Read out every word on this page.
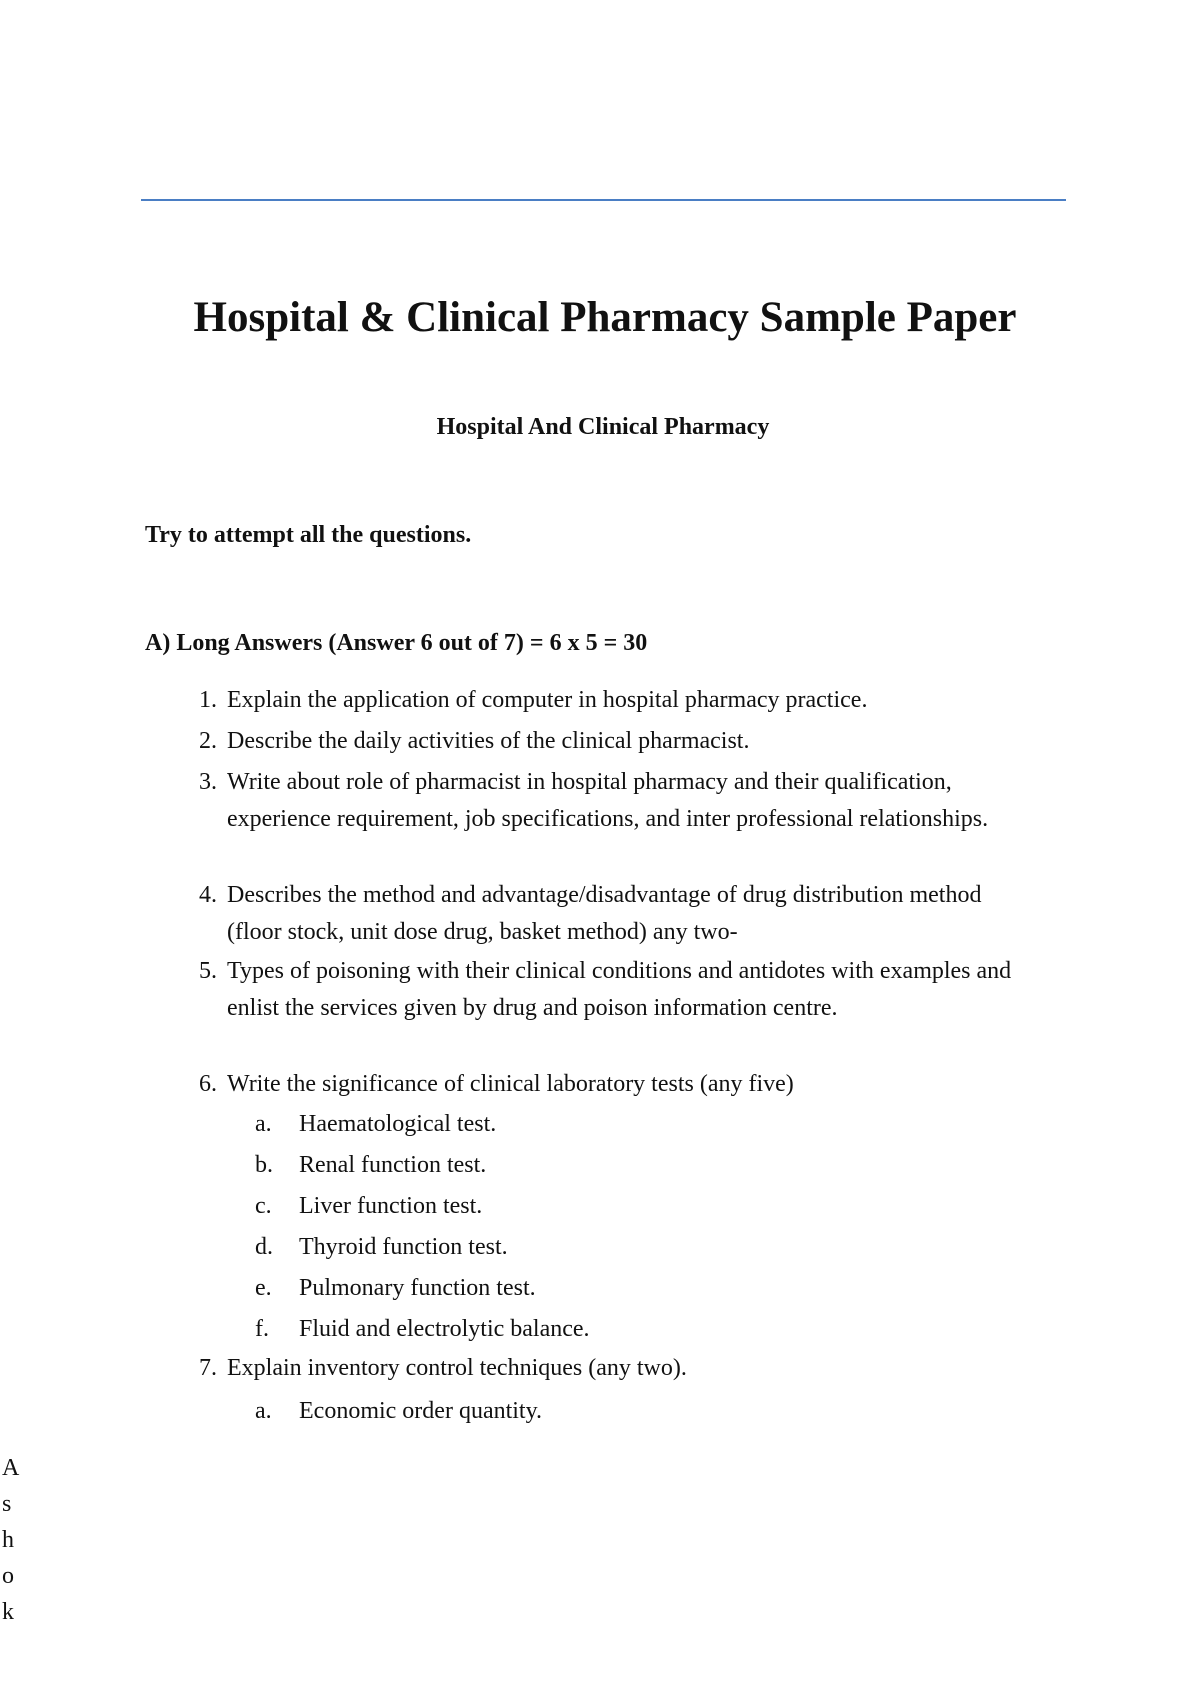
Hospital & Clinical Pharmacy Sample Paper
Hospital And Clinical Pharmacy
Try to attempt all the questions.
A) Long Answers (Answer 6 out of 7) = 6 x 5 = 30
1. Explain the application of computer in hospital pharmacy practice.
2. Describe the daily activities of the clinical pharmacist.
3. Write about role of pharmacist in hospital pharmacy and their qualification, experience requirement, job specifications, and inter professional relationships.
4. Describes the method and advantage/disadvantage of drug distribution method (floor stock, unit dose drug, basket method) any two-
5. Types of poisoning with their clinical conditions and antidotes with examples and enlist the services given by drug and poison information centre.
6. Write the significance of clinical laboratory tests (any five)
a. Haematological test.
b. Renal function test.
c. Liver function test.
d. Thyroid function test.
e. Pulmonary function test.
f. Fluid and electrolytic balance.
7. Explain inventory control techniques (any two).
a. Economic order quantity.
Ashok
